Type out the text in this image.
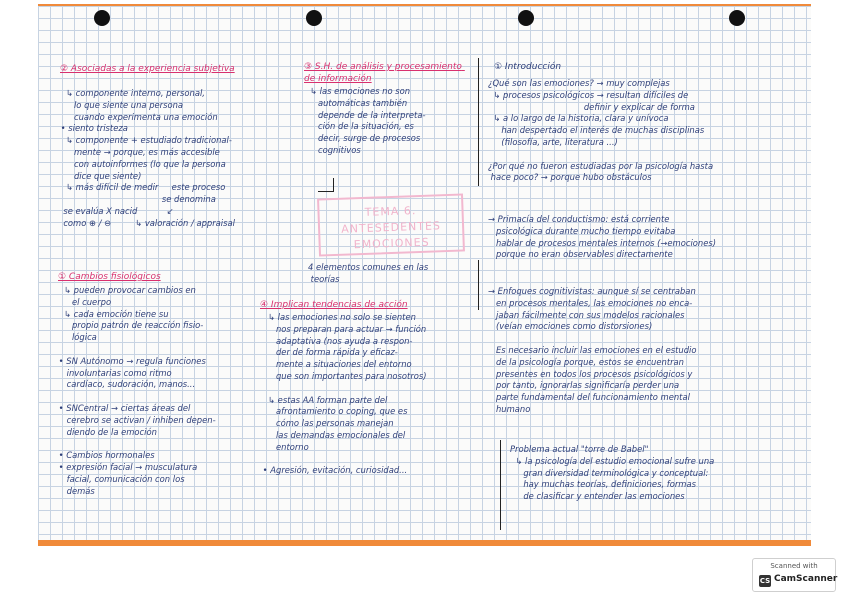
TEMA 6. ANTESEDENTES EMOCIONES
① Introducción
¿Qué son las emociones? → muy complejas
↳ procesos psicológicos → resultan difíciles de
definir y explicar de forma
↳ a lo largo de la historia, clara y unívoca
han despertado el interés de muchas disciplinas
(filosofía, arte, literatura ...)

¿Por qué no fueron estudiadas por la psicología hasta
hace poco? → porque hubo obstáculos
→ Primacía del conductismo: está corriente
psicológica durante mucho tiempo evitaba
hablar de procesos mentales internos (→emociones)
porque no eran observables directamente
→ Enfoques cognitivistas: aunque sí se centraban
en procesos mentales, las emociones no enca-
jaban fácilmente con sus modelos racionales
(veían emociones como distorsiones)

Es necesario incluir las emociones en el estudio
de la psicología porque, estos se encuentran
presentes en todos los procesos psicológicos y
por tanto, ignorarlas significaría perder una
parte fundamental del funcionamiento mental
humano
Problema actual "torre de Babel"
↳ la psicología del estudio emocional sufre una
gran diversidad terminológica y conceptual:
hay muchas teorías, definiciones, formas
de clasificar y entender las emociones
② Asociadas a la experiencia subjetiva
↳ componente interno, personal,
lo que siente una persona
cuando experimenta una emoción
• siento tristeza
↳ componente + estudiado tradicional-
mente → porque, es más accesible
con autoinformes (lo que la persona
dice que siente)
↳ más difícil de medir     este proceso
se denomina
se evalúa X nacid           ↙
como ⊕ / ⊖         ↳ valoración / appraisal
① Cambios fisiológicos
↳ pueden provocar cambios en
el cuerpo
↳ cada emoción tiene su
propio patrón de reacción fisio-
lógica

• SN Autónomo → regula funciones
involuntarias como ritmo
cardíaco, sudoración, manos...

• SNCentral → ciertas áreas del
cerebro se activan / inhiben depen-
diendo de la emoción

• Cambios hormonales
• expresión facial → musculatura
facial, comunicación con los
demás
③ S.H. de análisis y procesamiento de información
↳ las emociones no son
automáticas también
depende de la interpreta-
ción de la situación, es
decir, surge de procesos
cognitivos
4 elementos comunes en las
teorías
④ Implican tendencias de acción
↳ las emociones no solo se sienten
nos preparan para actuar → función
adaptativa (nos ayuda a respon-
der de forma rápida y eficaz-
mente a situaciones del entorno
que son importantes para nosotros)

↳ estas AA forman parte del
afrontamiento o coping, que es
cómo las personas manejan
las demandas emocionales del
entorno

• Agresión, evitación, curiosidad...
Scanned with
CS CamScanner
